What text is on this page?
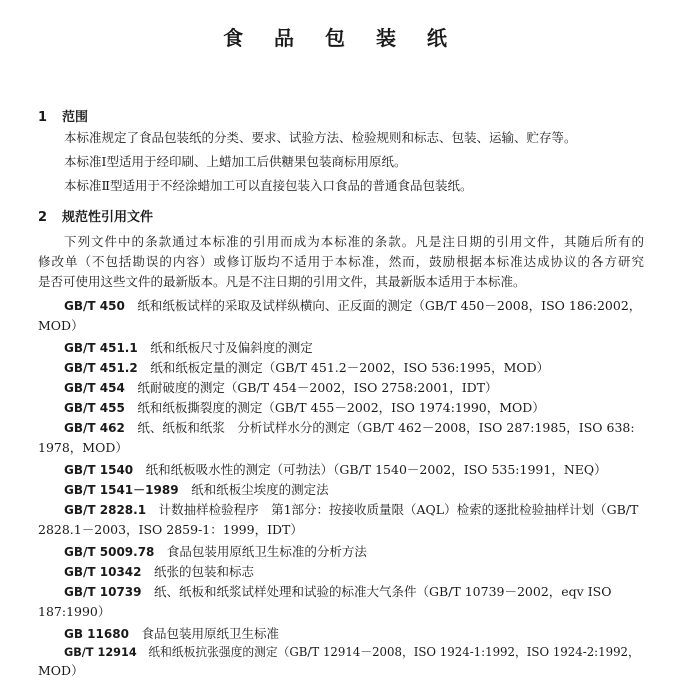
食 品 包 装 纸
1 范围
本标准规定了食品包装纸的分类、要求、试验方法、检验规则和标志、包装、运输、贮存等。
本标准Ⅰ型适用于经印刷、上蜡加工后供糖果包装商标用原纸。
本标准Ⅱ型适用于不经涂蜡加工可以直接包装入口食品的普通食品包装纸。
2 规范性引用文件
下列文件中的条款通过本标准的引用而成为本标准的条款。凡是注日期的引用文件，其随后所有的
修改单（不包括勘误的内容）或修订版均不适用于本标准，然而，鼓励根据本标准达成协议的各方研究
是否可使用这些文件的最新版本。凡是不注日期的引用文件，其最新版本适用于本标准。
GB/T 450　 纸和纸板试样的采取及试样纵横向、正反面的测定（GB/T 450－2008，ISO 186:2002，
MOD）
GB/T 451.1　 纸和纸板尺寸及偏斜度的测定
GB/T 451.2　 纸和纸板定量的测定（GB/T 451.2－2002，ISO 536:1995，MOD）
GB/T 454　 纸耐破度的测定（GB/T 454－2002，ISO 2758:2001，IDT）
GB/T 455　 纸和纸板撕裂度的测定（GB/T 455－2002，ISO 1974:1990，MOD）
GB/T 462　 纸、纸板和纸浆　分析试样水分的测定（GB/T 462－2008，ISO 287:1985，ISO 638:
1978，MOD）
GB/T 1540　 纸和纸板吸水性的测定（可勃法）（GB/T 1540－2002，ISO 535:1991，NEQ）
GB/T 1541－1989　 纸和纸板尘埃度的测定法
GB/T 2828.1　 计数抽样检验程序　第1部分：按接收质量限（AQL）检索的逐批检验抽样计划（GB/T
2828.1－2003，ISO 2859-1：1999，IDT）
GB/T 5009.78　 食品包装用原纸卫生标准的分析方法
GB/T 10342　 纸张的包装和标志
GB/T 10739　 纸、纸板和纸浆试样处理和试验的标准大气条件（GB/T 10739－2002，eqv ISO
187:1990）
GB 11680　 食品包装用原纸卫生标准
GB/T 12914　 纸和纸板抗张强度的测定（GB/T 12914－2008，ISO 1924-1:1992，ISO 1924-2:1992，
MOD）
